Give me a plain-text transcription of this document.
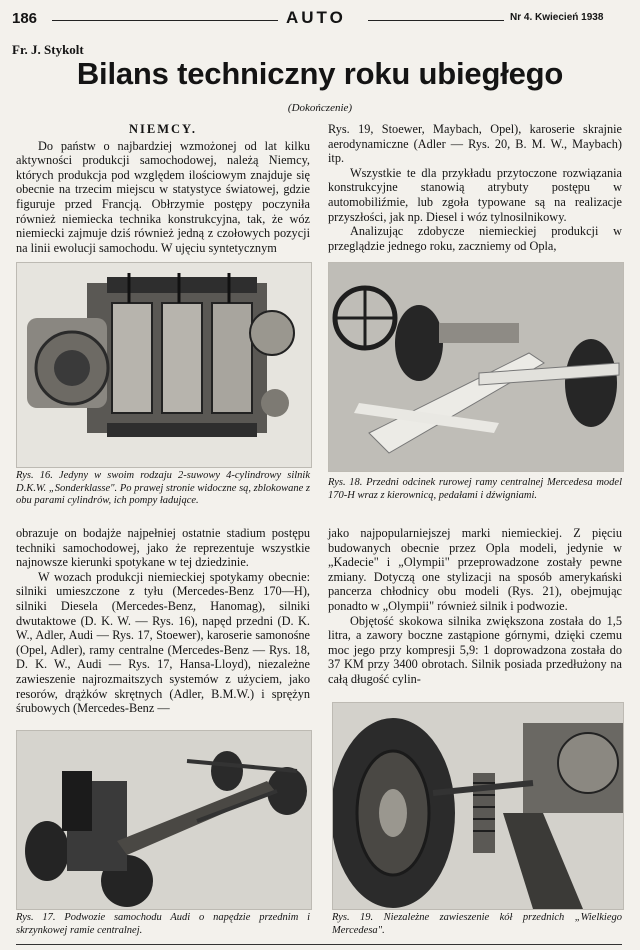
186	AUTO	Nr 4. Kwiecień 1938
Fr. J. Stykolt
Bilans techniczny roku ubiegłego
(Dokończenie)
NIEMCY.

Do państw o najbardziej wzmożonej od lat kilku aktywności produkcji samochodowej, należą Niemcy, których produkcja pod względem ilościowym znajduje się obecnie na trzecim miejscu w statystyce światowej, gdzie figuruje przed Francją. Obłrzymie postępy poczyniła również niemiecka technika konstrukcyjna, tak, że wóz niemiecki zajmuje dziś również jedną z czołowych pozycji na linii ewolucji samochodu. W ujęciu syntetycznym

Rys. 19, Stoewer, Maybach, Opel), karoserie skrajnie aerodynamiczne (Adler — Rys. 20, B. M. W., Maybach) itp.

Wszystkie te dla przykładu przytoczone rozwiązania konstrukcyjne stanowią atrybuty postępu w automobiliźmie, lub zgoła typowane są na realizacje przyszłości, jak np. Diesel i wóz tylnosilnikowy.

Analizując zdobycze niemieckiej produkcji w przeglądzie jednego roku, zaczniemy od Opla,

Rys. 16. Jedyny w swoim rodzaju 2-suwowy 4-cylindrowy silnik D.K.W. „Sonderklasse". Po prawej stronie widoczne są, zblokowane z obu parami cylindrów, ich pompy ładujące.
Rys. 18. Przedni odcinek rurowej ramy centralnej Mercedesa model 170-H wraz z kierownicą, pedałami i dźwigniami.

obrazuje on bodajże najpełniej ostatnie stadium postępu techniki samochodowej, jako że reprezentuje wszystkie najnowsze kierunki spotykane w tej dziedzinie.

W wozach produkcji niemieckiej spotykamy obecnie: silniki umieszczone z tyłu (Mercedes-Benz 170—H), silniki Diesela (Mercedes-Benz, Hanomag), silniki dwutaktowe (D. K. W. — Rys. 16), napęd przedni (D. K. W., Adler, Audi — Rys. 17, Stoewer), karoserie samonośne (Opel, Adler), ramy centralne (Mercedes-Benz — Rys. 18, D. K. W., Audi — Rys. 17, Hansa-Lloyd), niezależne zawieszenie najrozmaitszych systemów z użyciem, jako resorów, drążków skrętnych (Adler, B.M.W.) i sprężyn śrubowych (Mercedes-Benz —

jako najpopularniejszej marki niemieckiej. Z pięciu budowanych obecnie przez Opla modeli, jedynie w „Kadecie" i „Olympii" przeprowadzone zostały pewne zmiany. Dotyczą one stylizacji na sposób amerykański pancerza chłodnicy obu modeli (Rys. 21), obejmując ponadto w „Olympii" również silnik i podwozie.

Objętość skokowa silnika zwiększona została do 1,5 litra, a zawory boczne zastąpione górnymi, dzięki czemu moc jego przy kompresji 5,9: 1 doprowadzona została do 37 KM przy 3400 obrotach. Silnik posiada przedłużony na całą długość cylin-

Rys. 17. Podwozie samochodu Audi o napędzie przednim i skrzynkowej ramie centralnej.
Rys. 19. Niezależne zawieszenie kół przednich „Wielkiego Mercedesa".
